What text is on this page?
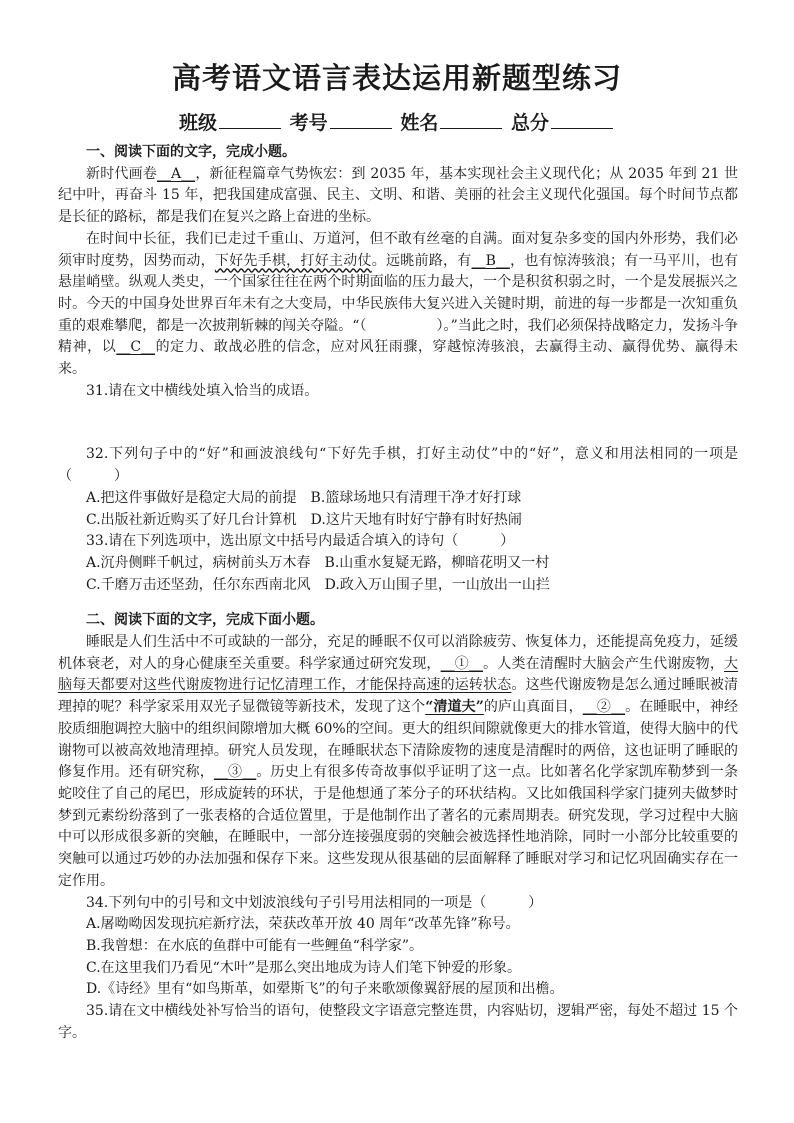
高考语文语言表达运用新题型练习
班级	考号	姓名	总分

一、阅读下面的文字，完成小题。

新时代画卷__A__，新征程篇章气势恢宏：到 2035 年，基本实现社会主义现代化；从 2035 年到 21 世纪中叶，再奋斗 15 年，把我国建成富强、民主、文明、和谐、美丽的社会主义现代化强国。每个时间节点都是长征的路标，都是我们在复兴之路上奋进的坐标。

在时间中长征，我们已走过千重山、万道河，但不敢有丝毫的自满。面对复杂多变的国内外形势，我们必须审时度势，因势而动，下好先手棋，打好主动仗。远眺前路，有__B__，也有惊涛骇浪；有一马平川，也有悬崖峭壁。纵观人类史，一个国家往往在两个时期面临的压力最大，一个是积贫积弱之时，一个是发展振兴之时。今天的中国身处世界百年未有之大变局，中华民族伟大复兴进入关键时期，前进的每一步都是一次知重负重的艰难攀爬，都是一次披荆斩棘的闯关夺隘。“（　　　　　）。”当此之时，我们必须保持战略定力，发扬斗争精神，以__C__的定力、敢战必胜的信念，应对风狂雨骤，穿越惊涛骇浪，去赢得主动、赢得优势、赢得未来。

31.请在文中横线处填入恰当的成语。

32.下列句子中的“好”和画波浪线句“下好先手棋，打好主动仗”中的“好”，意义和用法相同的一项是（　　　）

A.把这件事做好是稳定大局的前提　B.篮球场地只有清理干净才好打球

C.出版社新近购买了好几台计算机　D.这片天地有时好宁静有时好热闹

33.请在下列选项中，选出原文中括号内最适合填入的诗句（　　　）

A.沉舟侧畔千帆过，病树前头万木春　B.山重水复疑无路，柳暗花明又一村

C.千磨万击还坚劲，任尔东西南北风　D.政入万山围子里，一山放出一山拦

二、阅读下面的文字，完成下面小题。

睡眠是人们生活中不可或缺的一部分，充足的睡眠不仅可以消除疲劳、恢复体力，还能提高免疫力，延缓机体衰老，对人的身心健康至关重要。科学家通过研究发现，__①__。人类在清醒时大脑会产生代谢废物，大脑每天都要对这些代谢废物进行记忆清理工作，才能保持高速的运转状态。这些代谢废物是怎么通过睡眠被清理掉的呢？科学家采用双光子显微镜等新技术，发现了这个“清道夫”的庐山真面目，__②__。在睡眠中，神经胶质细胞调控大脑中的组织间隙增加大概 60%的空间。更大的组织间隙就像更大的排水管道，使得大脑中的代谢物可以被高效地清理掉。研究人员发现，在睡眠状态下清除废物的速度是清醒时的两倍，这也证明了睡眠的修复作用。还有研究称，__③__。历史上有很多传奇故事似乎证明了这一点。比如著名化学家凯库勒梦到一条蛇咬住了自己的尾巴，形成旋转的环状，于是他想通了苯分子的环状结构。又比如俄国科学家门捷列夫做梦时梦到元素纷纷落到了一张表格的合适位置里，于是他制作出了著名的元素周期表。研究发现，学习过程中大脑中可以形成很多新的突触，在睡眠中，一部分连接强度弱的突触会被选择性地消除，同时一小部分比较重要的突触可以通过巧妙的办法加强和保存下来。这些发现从很基础的层面解释了睡眠对学习和记忆巩固确实存在一定作用。

34.下列句中的引号和文中划波浪线句子引号用法相同的一项是（　　　）

A.屠呦呦因发现抗疟新疗法，荣获改革开放 40 周年“改革先锋”称号。

B.我曾想：在水底的鱼群中可能有一些鲤鱼“科学家”。

C.在这里我们乃看见“木叶”是那么突出地成为诗人们笔下钟爱的形象。

D.《诗经》里有“如鸟斯革，如翚斯飞”的句子来歌颂像翼舒展的屋顶和出檐。

35.请在文中横线处补写恰当的语句，使整段文字语意完整连贯，内容贴切，逻辑严密，每处不超过 15 个字。
